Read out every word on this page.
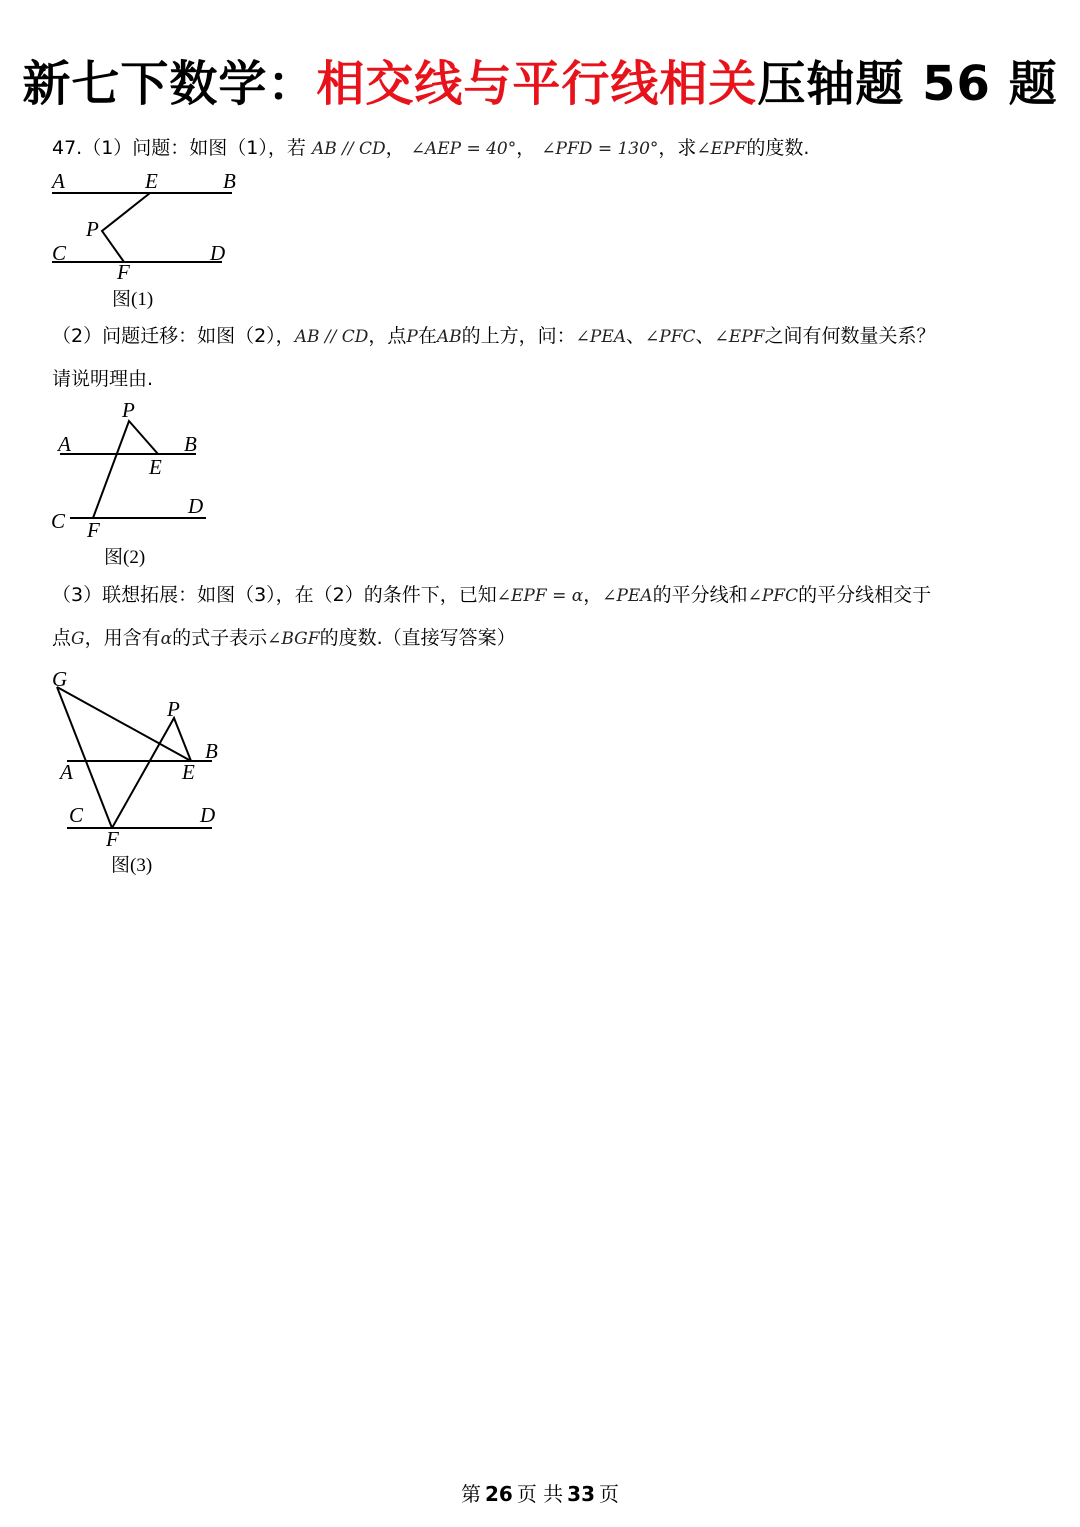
新七下数学：相交线与平行线相关压轴题 56 题
47.（1）问题：如图（1），若 AB // CD， ∠AEP = 40°， ∠PFD = 130°，求∠EPF的度数.
（2）问题迁移：如图（2），AB // CD，点P在AB的上方，问：∠PEA、∠PFC、∠EPF之间有何数量关系？
请说明理由.
（3）联想拓展：如图（3），在（2）的条件下，已知∠EPF = α，∠PEA的平分线和∠PFC的平分线相交于
点G，用含有α的式子表示∠BGF的度数.（直接写答案）
A	E	B
P
C	D
F
图(1)
P
A	B
E
D
C F
图(2)
G
P
B
A	E
C	D
F
图(3)
第 26 页 共 33 页
